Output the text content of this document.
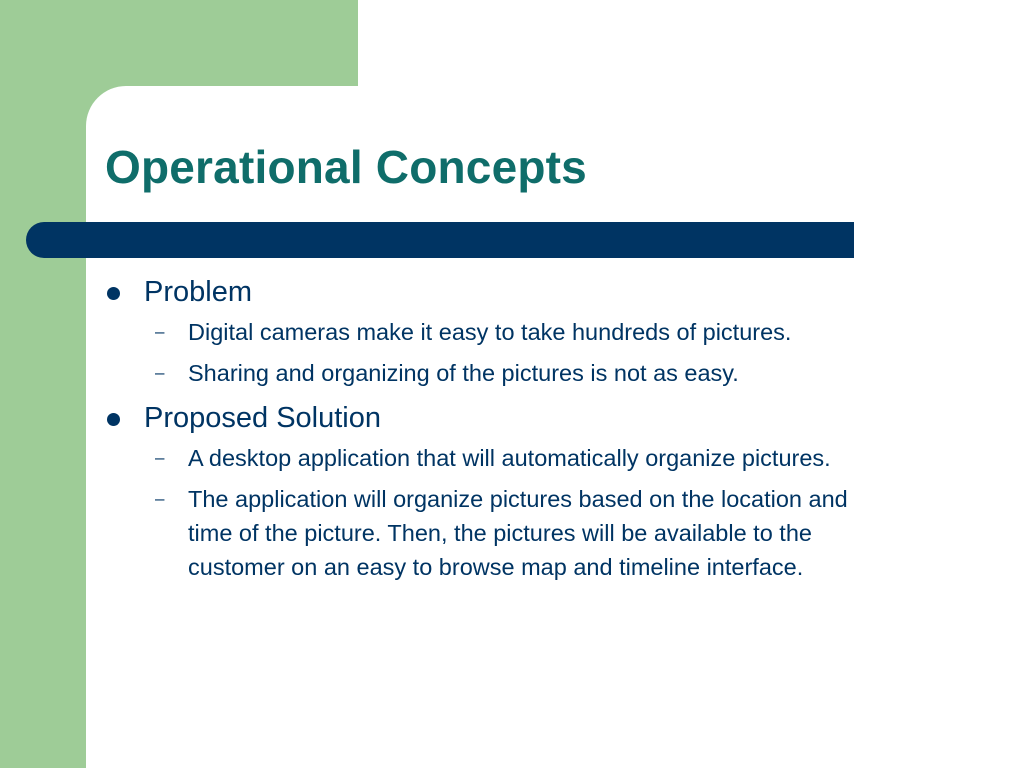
Operational Concepts
Problem
– Digital cameras make it easy to take hundreds of pictures.
– Sharing and organizing of the pictures is not as easy.
Proposed Solution
– A desktop application that will automatically organize pictures.
– The application will organize pictures based on the location and time of the picture. Then, the pictures will be available to the customer on an easy to browse map and timeline interface.
